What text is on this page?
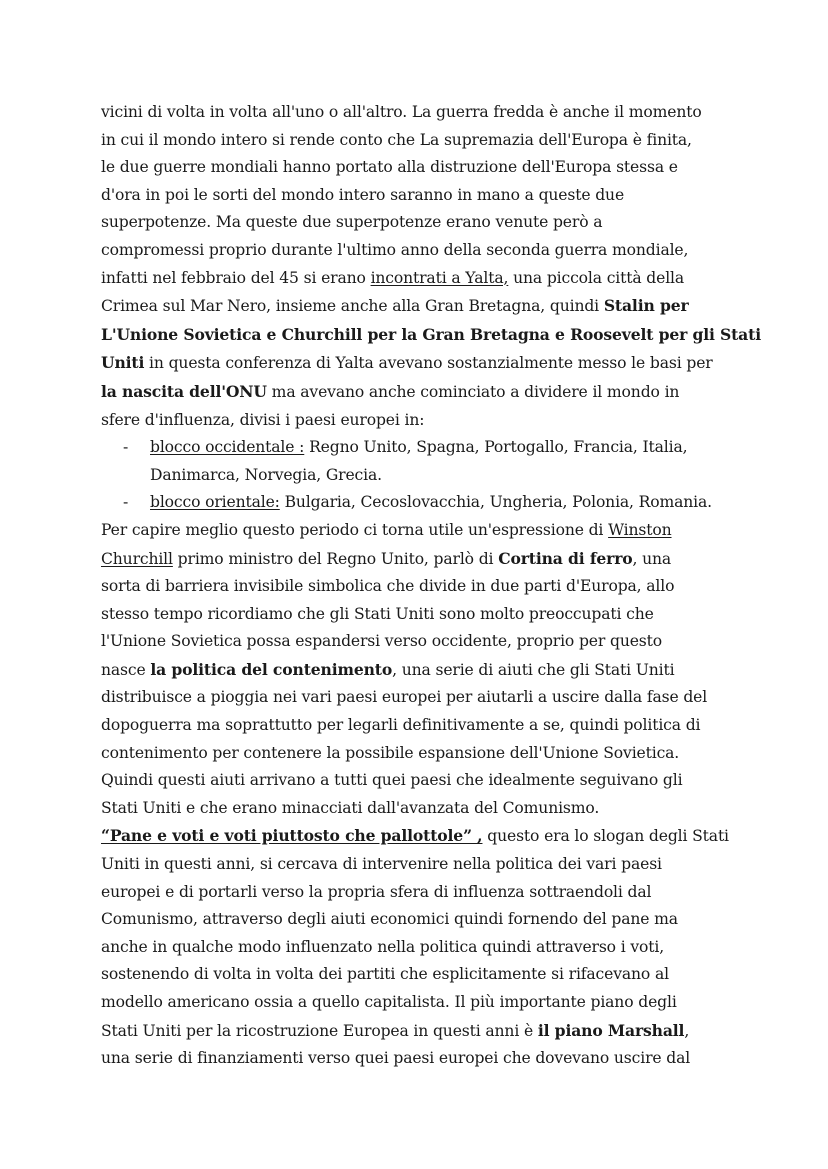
vicini di volta in volta all'uno o all'altro. La guerra fredda è anche il momento

in cui il mondo intero si rende conto che La supremazia dell'Europa è finita,

le due guerre mondiali hanno portato alla distruzione dell'Europa stessa e

d'ora in poi le sorti del mondo intero saranno in mano a queste due

superpotenze. Ma queste due superpotenze erano venute però a

compromessi proprio durante l'ultimo anno della seconda guerra mondiale,

infatti nel febbraio del 45 si erano incontrati a Yalta, una piccola città della

Crimea sul Mar Nero, insieme anche alla Gran Bretagna, quindi Stalin per

L'Unione Sovietica e Churchill per la Gran Bretagna e Roosevelt per gli Stati

Uniti in questa conferenza di Yalta avevano sostanzialmente messo le basi per

la nascita dell'ONU ma avevano anche cominciato a dividere il mondo in

sfere d'influenza, divisi i paesi europei in:

- blocco occidentale : Regno Unito, Spagna, Portogallo, Francia, Italia,
Danimarca, Norvegia, Grecia.
- blocco orientale: Bulgaria, Cecoslovacchia, Ungheria, Polonia, Romania.

Per capire meglio questo periodo ci torna utile un'espressione di Winston

Churchill primo ministro del Regno Unito, parlò di Cortina di ferro, una

sorta di barriera invisibile simbolica che divide in due parti d'Europa, allo

stesso tempo ricordiamo che gli Stati Uniti sono molto preoccupati che

l'Unione Sovietica possa espandersi verso occidente, proprio per questo

nasce la politica del contenimento, una serie di aiuti che gli Stati Uniti

distribuisce a pioggia nei vari paesi europei per aiutarli a uscire dalla fase del

dopoguerra ma soprattutto per legarli definitivamente a se, quindi politica di

contenimento per contenere la possibile espansione dell'Unione Sovietica.

Quindi questi aiuti arrivano a tutti quei paesi che idealmente seguivano gli

Stati Uniti e che erano minacciati dall'avanzata del Comunismo.

“Pane e voti e voti piuttosto che pallottole” , questo era lo slogan degli Stati

Uniti in questi anni, si cercava di intervenire nella politica dei vari paesi

europei e di portarli verso la propria sfera di influenza sottraendoli dal

Comunismo, attraverso degli aiuti economici quindi fornendo del pane ma

anche in qualche modo influenzato nella politica quindi attraverso i voti,

sostenendo di volta in volta dei partiti che esplicitamente si rifacevano al

modello americano ossia a quello capitalista. Il più importante piano degli

Stati Uniti per la ricostruzione Europea in questi anni è il piano Marshall,

una serie di finanziamenti verso quei paesi europei che dovevano uscire dal
